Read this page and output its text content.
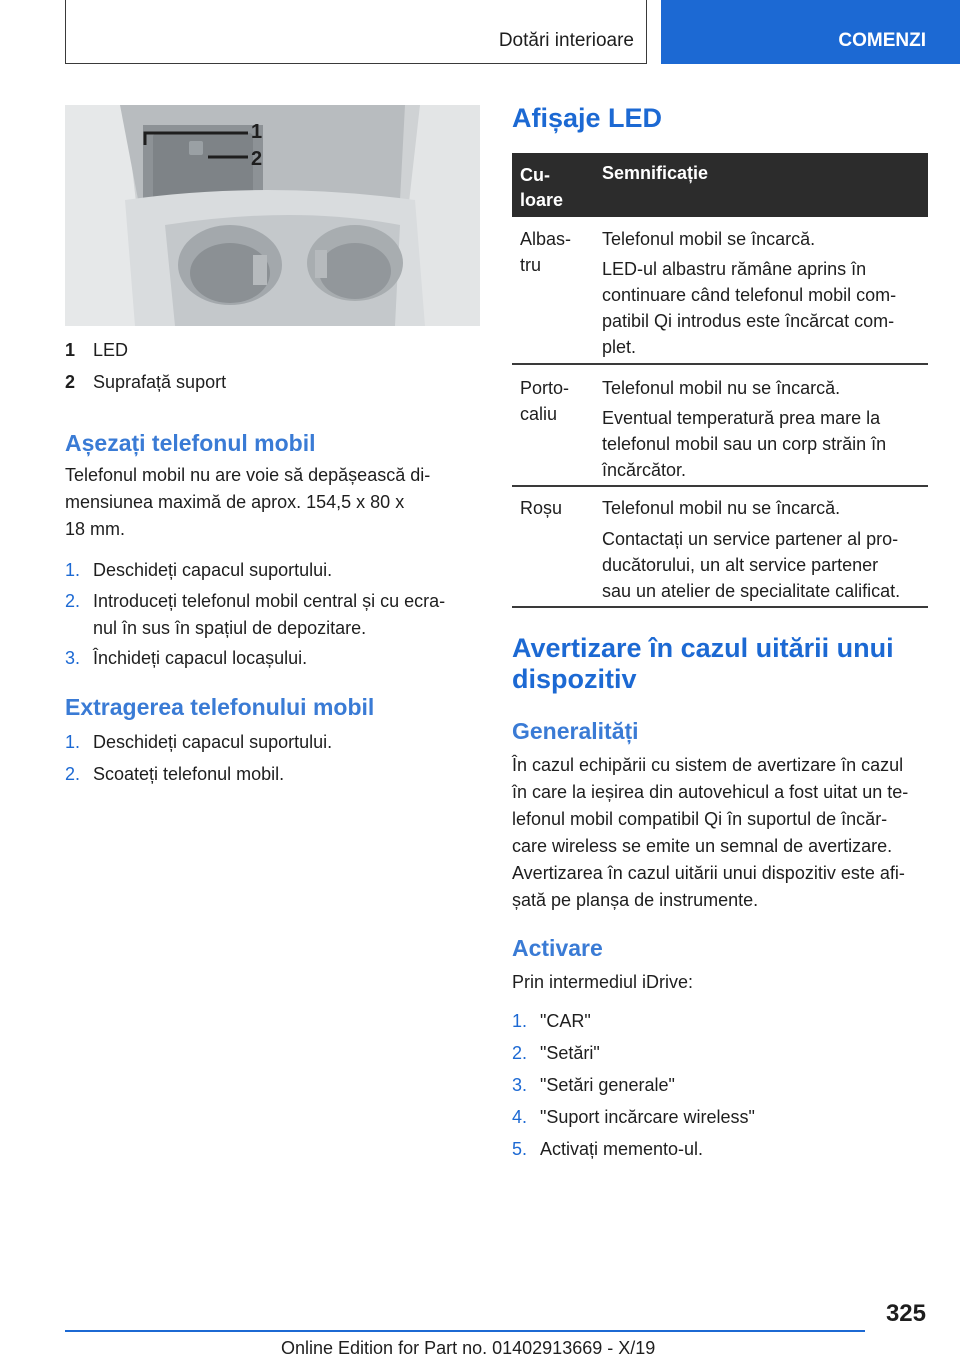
Dotări interioare	COMENZI
1
2
1 LED
2 Suprafață suport
Așezați telefonul mobil
Telefonul mobil nu are voie să depășească di-
mensiunea maximă de aprox. 154,5 x 80 x
18 mm.
1. Deschideți capacul suportului.
2. Introduceți telefonul mobil central și cu ecra-
nul în sus în spațiul de depozitare.
3. Închideți capacul locașului.
Extragerea telefonului mobil
1. Deschideți capacul suportului.
2. Scoateți telefonul mobil.
Afișaje LED
Cu-
loare
Semnificație
Albas-
tru
Telefonul mobil se încarcă.
LED-ul albastru rămâne aprins în
continuare când telefonul mobil com-
patibil Qi introdus este încărcat com-
plet.
Porto-
caliu
Telefonul mobil nu se încarcă.
Eventual temperatură prea mare la
telefonul mobil sau un corp străin în
încărcător.
Roșu Telefonul mobil nu se încarcă.
Contactați un service partener al pro-
ducătorului, un alt service partener
sau un atelier de specialitate calificat.
Avertizare în cazul uitării unui
dispozitiv
Generalități
În cazul echipării cu sistem de avertizare în cazul
în care la ieșirea din autovehicul a fost uitat un te-
lefonul mobil compatibil Qi în suportul de încăr-
care wireless se emite un semnal de avertizare.
Avertizarea în cazul uitării unui dispozitiv este afi-
șată pe planșa de instrumente.
Activare
Prin intermediul iDrive:
1. "CAR"
2. "Setări"
3. "Setări generale"
4. "Suport incărcare wireless"
5. Activați memento-ul.
325
Online Edition for Part no. 01402913669 - X/19
